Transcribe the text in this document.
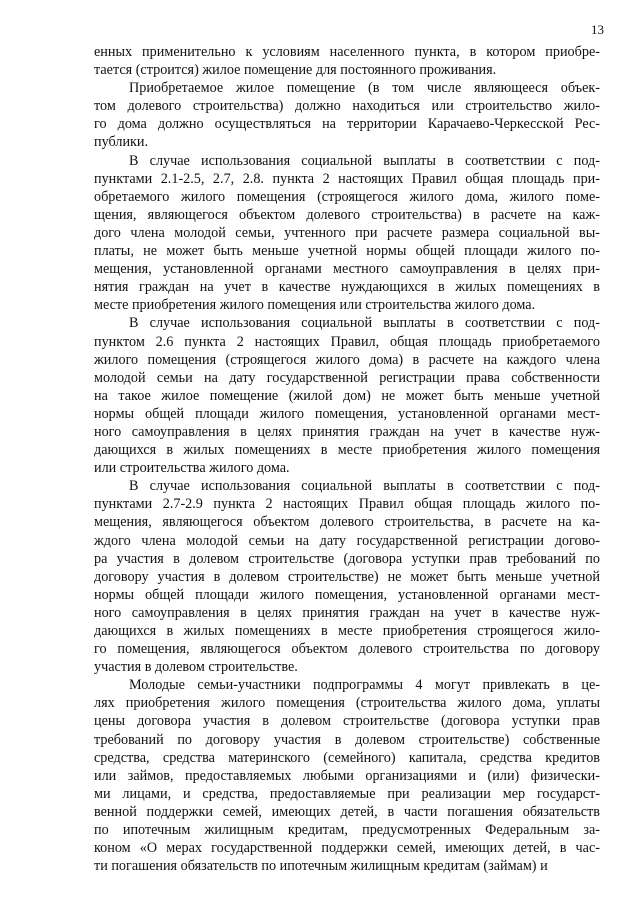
13
енных применительно к условиям населенного пункта, в котором приобре-
тается (строится) жилое помещение для постоянного проживания.
Приобретаемое жилое помещение (в том числе являющееся объек-
том долевого строительства) должно находиться или строительство жило-
го дома должно осуществляться на территории Карачаево-Черкесской Рес-
публики.
В случае использования социальной выплаты в соответствии с под-
пунктами 2.1-2.5, 2.7, 2.8. пункта 2 настоящих Правил общая площадь при-
обретаемого жилого помещения (строящегося жилого дома, жилого поме-
щения, являющегося объектом долевого строительства) в расчете на каж-
дого члена молодой семьи, учтенного при расчете размера социальной вы-
платы, не может быть меньше учетной нормы общей площади жилого по-
мещения, установленной органами местного самоуправления в целях при-
нятия граждан на учет в качестве нуждающихся в жилых помещениях в
месте приобретения жилого помещения или строительства жилого дома.
В случае использования социальной выплаты в соответствии с под-
пунктом 2.6 пункта 2 настоящих Правил, общая площадь приобретаемого
жилого помещения (строящегося жилого дома) в расчете на каждого члена
молодой семьи на дату государственной регистрации права собственности
на такое жилое помещение (жилой дом) не может быть меньше учетной
нормы общей площади жилого помещения, установленной органами мест-
ного самоуправления в целях принятия граждан на учет в качестве нуж-
дающихся в жилых помещениях в месте приобретения жилого помещения
или строительства жилого дома.
В случае использования социальной выплаты в соответствии с под-
пунктами 2.7-2.9 пункта 2 настоящих Правил общая площадь жилого по-
мещения, являющегося объектом долевого строительства, в расчете на ка-
ждого члена молодой семьи на дату государственной регистрации догово-
ра участия в долевом строительстве (договора уступки прав требований по
договору участия в долевом строительстве) не может быть меньше учетной
нормы общей площади жилого помещения, установленной органами мест-
ного самоуправления в целях принятия граждан на учет в качестве нуж-
дающихся в жилых помещениях в месте приобретения строящегося жило-
го помещения, являющегося объектом долевого строительства по договору
участия в долевом строительстве.
Молодые семьи-участники подпрограммы 4 могут привлекать в це-
лях приобретения жилого помещения (строительства жилого дома, уплаты
цены договора участия в долевом строительстве (договора уступки прав
требований по договору участия в долевом строительстве) собственные
средства, средства материнского (семейного) капитала, средства кредитов
или займов, предоставляемых любыми организациями и (или) физически-
ми лицами, и средства, предоставляемые при реализации мер государст-
венной поддержки семей, имеющих детей, в части погашения обязательств
по ипотечным жилищным кредитам, предусмотренных Федеральным за-
коном «О мерах государственной поддержки семей, имеющих детей, в час-
ти погашения обязательств по ипотечным жилищным кредитам (займам) и
